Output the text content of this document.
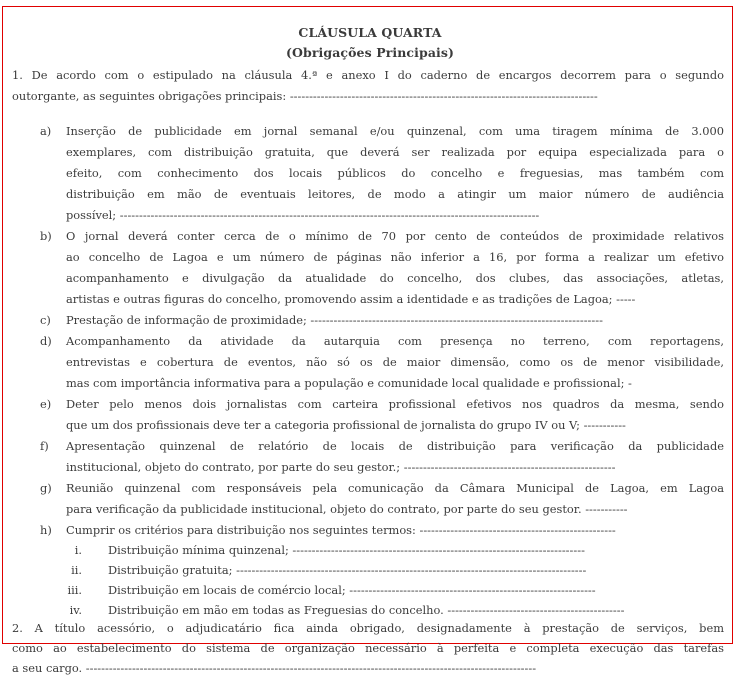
CLÁUSULA QUARTA
(Obrigações Principais)
1. De acordo com o estipulado na cláusula 4.ª e anexo I do caderno de encargos decorrem para o segundo
outorgante, as seguintes obrigações principais: --------------------------------------------------------------------------------
a) Inserção de publicidade em jornal semanal e/ou quinzenal, com uma tiragem mínima de 3.000
exemplares, com distribuição gratuita, que deverá ser realizada por equipa especializada para o
efeito, com conhecimento dos locais públicos do concelho e freguesias, mas também com
distribuição em mão de eventuais leitores, de modo a atingir um maior número de audiência
possível; -------------------------------------------------------------------------------------------------------------
b) O jornal deverá conter cerca de o mínimo de 70 por cento de conteúdos de proximidade relativos
ao concelho de Lagoa e um número de páginas não inferior a 16, por forma a realizar um efetivo
acompanhamento e divulgação da atualidade do concelho, dos clubes, das associações, atletas,
artistas e outras figuras do concelho, promovendo assim a identidade e as tradições de Lagoa; -----
c) Prestação de informação de proximidade; ----------------------------------------------------------------------------
d) Acompanhamento da atividade da autarquia com presença no terreno, com reportagens,
entrevistas e cobertura de eventos, não só os de maior dimensão, como os de menor visibilidade,
mas com importância informativa para a população e comunidade local qualidade e profissional; -
e) Deter pelo menos dois jornalistas com carteira profissional efetivos nos quadros da mesma, sendo
que um dos profissionais deve ter a categoria profissional de jornalista do grupo IV ou V; -----------
f) Apresentação quinzenal de relatório de locais de distribuição para verificação da publicidade
institucional, objeto do contrato, por parte do seu gestor.; -------------------------------------------------------
g) Reunião quinzenal com responsáveis pela comunicação da Câmara Municipal de Lagoa, em Lagoa
para verificação da publicidade institucional, objeto do contrato, por parte do seu gestor. -----------
h) Cumprir os critérios para distribuição nos seguintes termos: ---------------------------------------------------
i. Distribuição mínima quinzenal; ----------------------------------------------------------------------------
ii. Distribuição gratuita; -------------------------------------------------------------------------------------------
iii. Distribuição em locais de comércio local; ----------------------------------------------------------------
iv. Distribuição em mão em todas as Freguesias do concelho. ----------------------------------------------
2. A título acessório, o adjudicatário fica ainda obrigado, designadamente à prestação de serviços, bem
como ao estabelecimento do sistema de organização necessário à perfeita e completa execução das tarefas
a seu cargo. ---------------------------------------------------------------------------------------------------------------------
